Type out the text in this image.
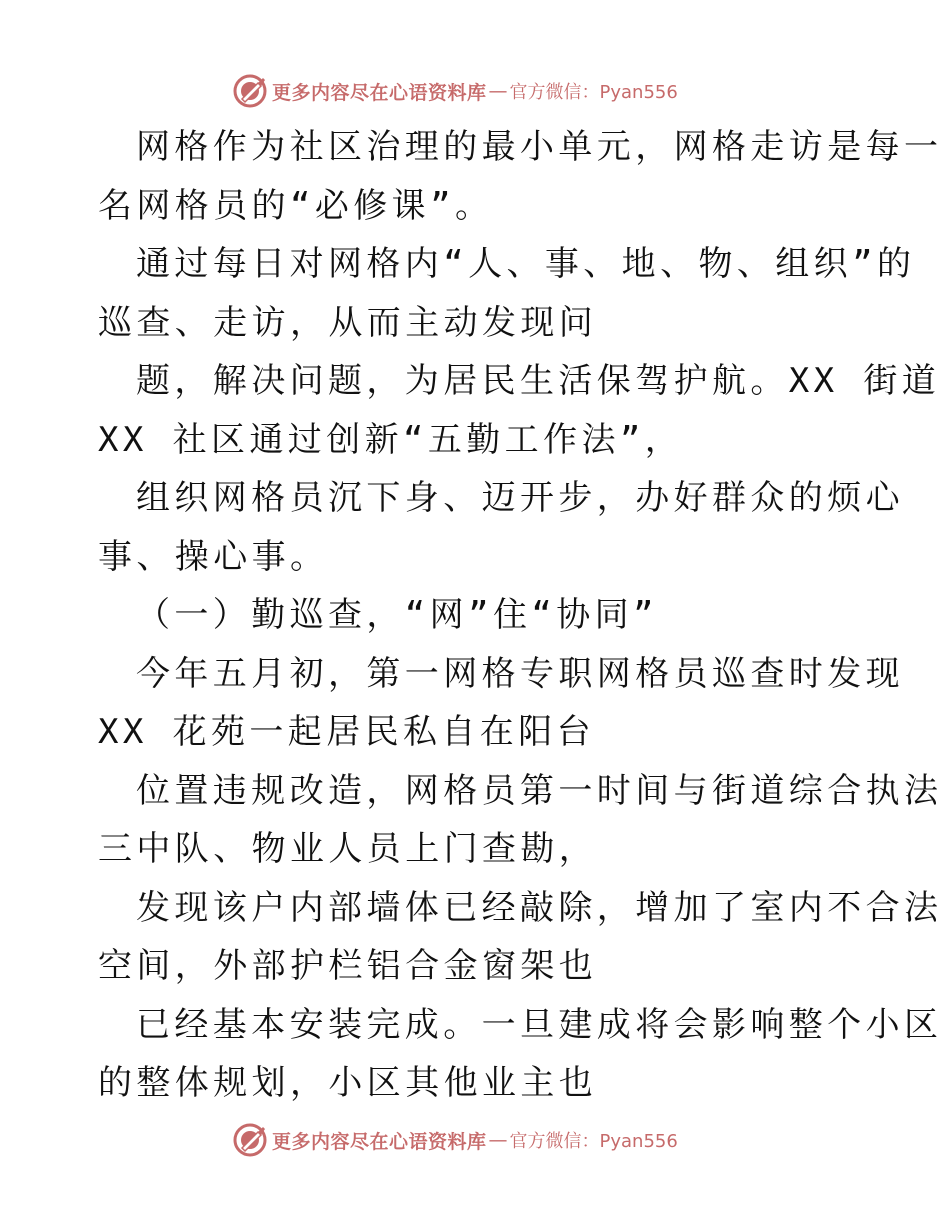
更多内容尽在心语资料库 — 官方微信：Pyan556
网格作为社区治理的最小单元，网格走访是每一
名网格员的“必修课”。
通过每日对网格内“人、事、地、物、组织”的
巡查、走访，从而主动发现问
题，解决问题，为居民生活保驾护航。XX 街道
XX 社区通过创新“五勤工作法”，
组织网格员沉下身、迈开步，办好群众的烦心
事、操心事。
（一）勤巡查，“网”住“协同”
今年五月初，第一网格专职网格员巡查时发现
XX 花苑一起居民私自在阳台
位置违规改造，网格员第一时间与街道综合执法
三中队、物业人员上门查勘，
发现该户内部墙体已经敲除，增加了室内不合法
空间，外部护栏铝合金窗架也
已经基本安装完成。一旦建成将会影响整个小区
的整体规划，小区其他业主也
更多内容尽在心语资料库 — 官方微信：Pyan556
